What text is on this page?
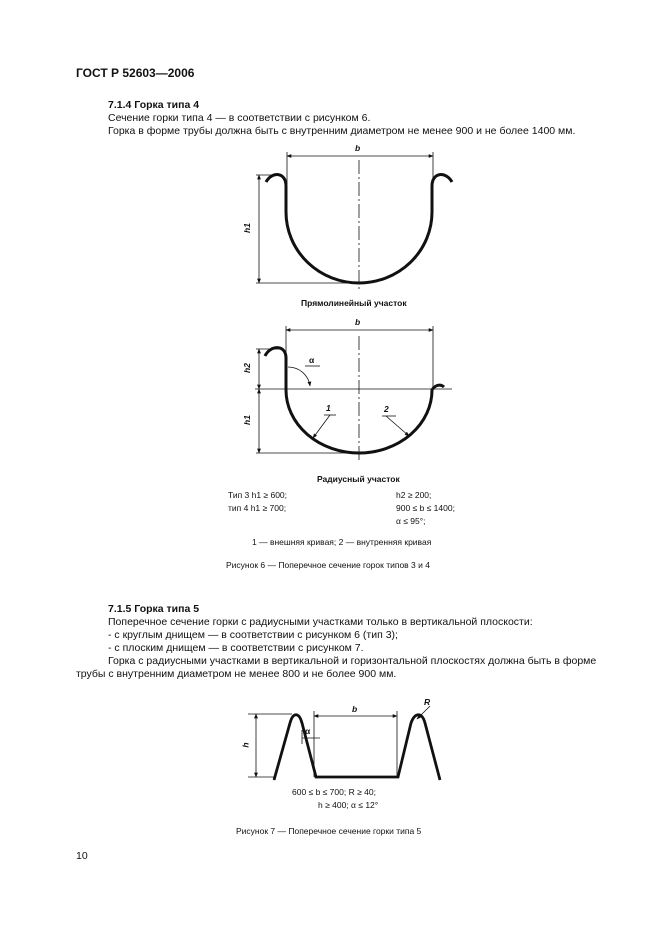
ГОСТ Р 52603—2006
7.1.4 Горка типа 4
Сечение горки типа 4 — в соответствии с рисунком 6.
Горка в форме трубы должна быть с внутренним диаметром не менее 900 и не более 1400 мм.
b
h1
Прямолинейный участок
b
h2
h1
α
1	2
Радиусный участок
Тип 3 h1 ≥ 600;
тип 4 h1 ≥ 700;
h2 ≥ 200;
900 ≤ b ≤ 1400;
α ≤ 95°;
1 — внешняя кривая; 2 — внутренняя кривая
Рисунок 6 — Поперечное сечение горок типов 3 и 4
7.1.5 Горка типа 5
Поперечное сечение горки с радиусными участками только в вертикальной плоскости:
- с круглым днищем — в соответствии с рисунком 6 (тип 3);
- с плоским днищем — в соответствии с рисунком 7.
Горка с радиусными участками в вертикальной и горизонтальной плоскостях должна быть в форме
трубы с внутренним диаметром не менее 800 и не более 900 мм.
b
h
α
R
600 ≤ b ≤ 700; R ≥ 40;
h ≥ 400; α ≤ 12°
Рисунок 7 — Поперечное сечение горки типа 5
10
